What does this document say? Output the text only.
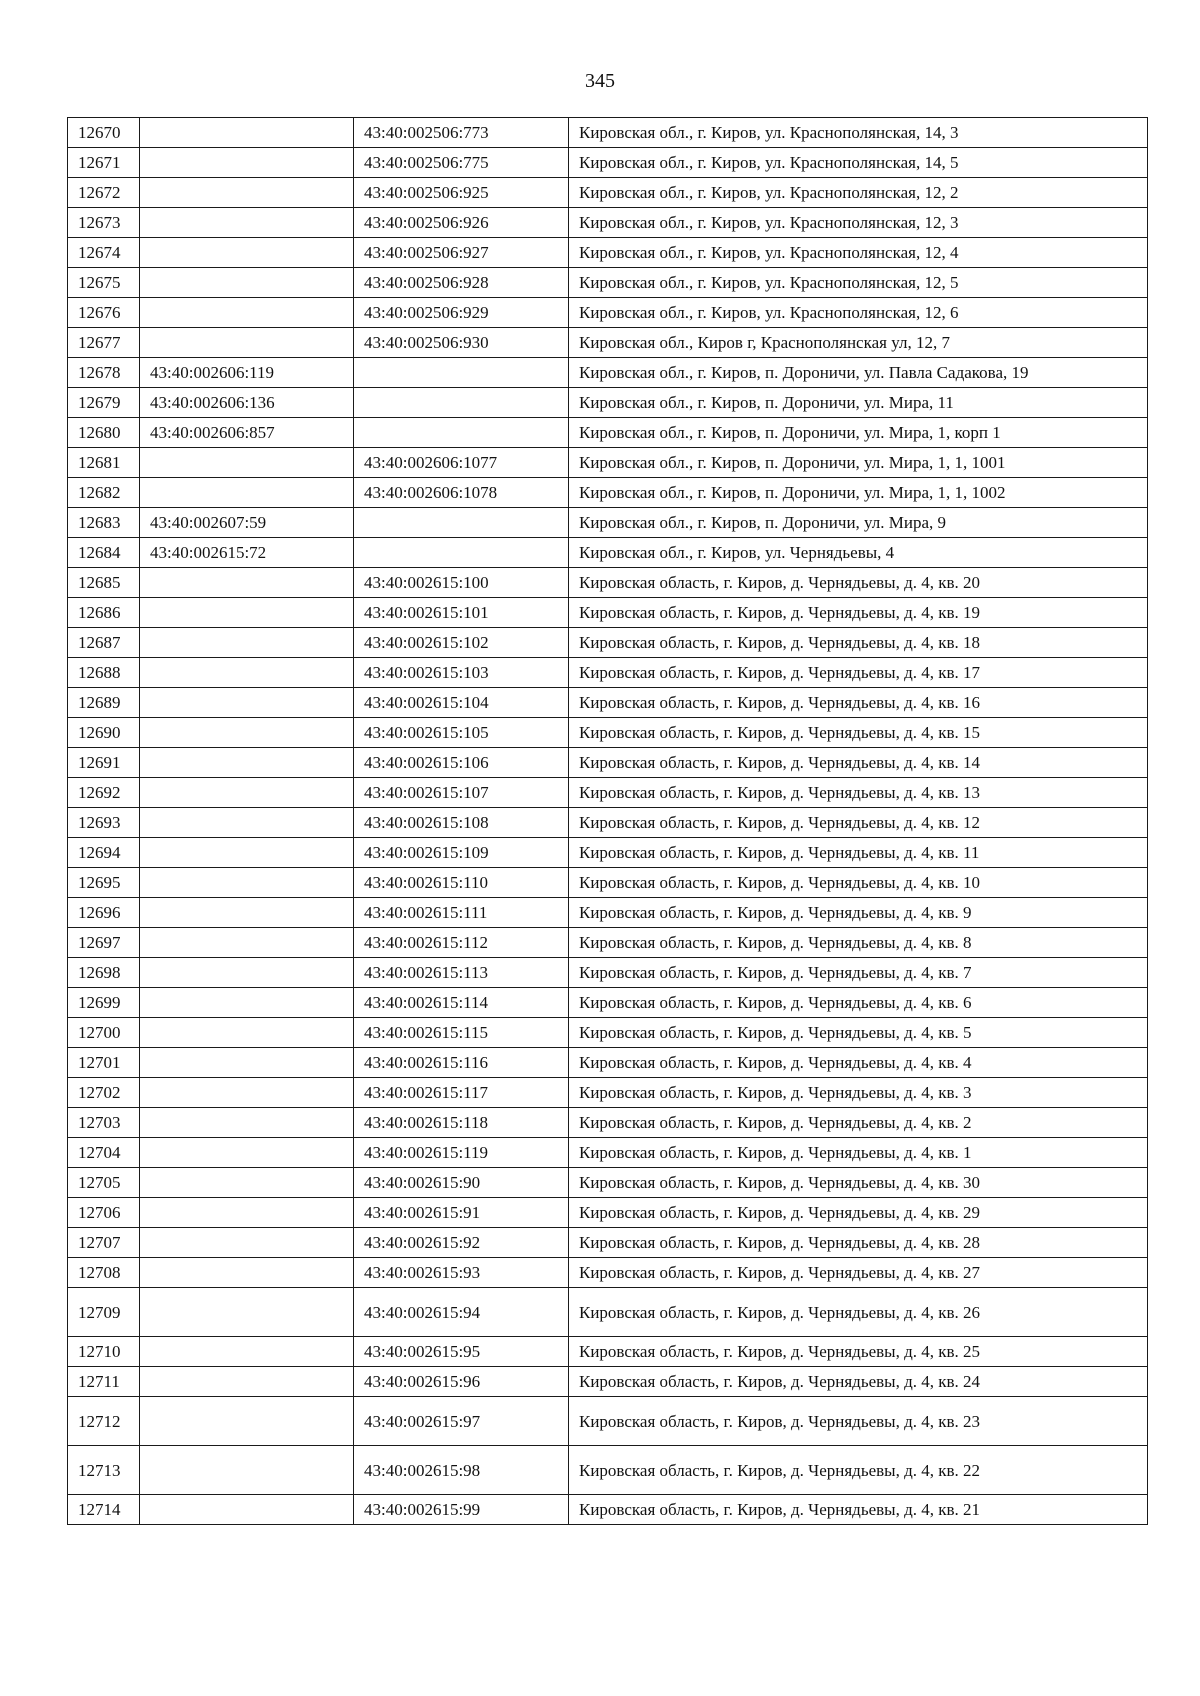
345
12670		43:40:002506:773	Кировская обл., г. Киров, ул. Краснополянская, 14, 3
12671		43:40:002506:775	Кировская обл., г. Киров, ул. Краснополянская, 14, 5
12672		43:40:002506:925	Кировская обл., г. Киров, ул. Краснополянская, 12, 2
12673		43:40:002506:926	Кировская обл., г. Киров, ул. Краснополянская, 12, 3
12674		43:40:002506:927	Кировская обл., г. Киров, ул. Краснополянская, 12, 4
12675		43:40:002506:928	Кировская обл., г. Киров, ул. Краснополянская, 12, 5
12676		43:40:002506:929	Кировская обл., г. Киров, ул. Краснополянская, 12, 6
12677		43:40:002506:930	Кировская обл., Киров г, Краснополянская ул, 12, 7
12678	43:40:002606:119		Кировская обл., г. Киров, п. Дороничи, ул. Павла Садакова, 19
12679	43:40:002606:136		Кировская обл., г. Киров, п. Дороничи, ул. Мира, 11
12680	43:40:002606:857		Кировская обл., г. Киров, п. Дороничи, ул. Мира, 1, корп 1
12681		43:40:002606:1077	Кировская обл., г. Киров, п. Дороничи, ул. Мира, 1, 1, 1001
12682		43:40:002606:1078	Кировская обл., г. Киров, п. Дороничи, ул. Мира, 1, 1, 1002
12683	43:40:002607:59		Кировская обл., г. Киров, п. Дороничи, ул. Мира, 9
12684	43:40:002615:72		Кировская обл., г. Киров, ул. Чернядьевы, 4
12685		43:40:002615:100	Кировская область, г. Киров, д. Чернядьевы, д. 4, кв. 20
12686		43:40:002615:101	Кировская область, г. Киров, д. Чернядьевы, д. 4, кв. 19
12687		43:40:002615:102	Кировская область, г. Киров, д. Чернядьевы, д. 4, кв. 18
12688		43:40:002615:103	Кировская область, г. Киров, д. Чернядьевы, д. 4, кв. 17
12689		43:40:002615:104	Кировская область, г. Киров, д. Чернядьевы, д. 4, кв. 16
12690		43:40:002615:105	Кировская область, г. Киров, д. Чернядьевы, д. 4, кв. 15
12691		43:40:002615:106	Кировская область, г. Киров, д. Чернядьевы, д. 4, кв. 14
12692		43:40:002615:107	Кировская область, г. Киров, д. Чернядьевы, д. 4, кв. 13
12693		43:40:002615:108	Кировская область, г. Киров, д. Чернядьевы, д. 4, кв. 12
12694		43:40:002615:109	Кировская область, г. Киров, д. Чернядьевы, д. 4, кв. 11
12695		43:40:002615:110	Кировская область, г. Киров, д. Чернядьевы, д. 4, кв. 10
12696		43:40:002615:111	Кировская область, г. Киров, д. Чернядьевы, д. 4, кв. 9
12697		43:40:002615:112	Кировская область, г. Киров, д. Чернядьевы, д. 4, кв. 8
12698		43:40:002615:113	Кировская область, г. Киров, д. Чернядьевы, д. 4, кв. 7
12699		43:40:002615:114	Кировская область, г. Киров, д. Чернядьевы, д. 4, кв. 6
12700		43:40:002615:115	Кировская область, г. Киров, д. Чернядьевы, д. 4, кв. 5
12701		43:40:002615:116	Кировская область, г. Киров, д. Чернядьевы, д. 4, кв. 4
12702		43:40:002615:117	Кировская область, г. Киров, д. Чернядьевы, д. 4, кв. 3
12703		43:40:002615:118	Кировская область, г. Киров, д. Чернядьевы, д. 4, кв. 2
12704		43:40:002615:119	Кировская область, г. Киров, д. Чернядьевы, д. 4, кв. 1
12705		43:40:002615:90	Кировская область, г. Киров, д. Чернядьевы, д. 4, кв. 30
12706		43:40:002615:91	Кировская область, г. Киров, д. Чернядьевы, д. 4, кв. 29
12707		43:40:002615:92	Кировская область, г. Киров, д. Чернядьевы, д. 4, кв. 28
12708		43:40:002615:93	Кировская область, г. Киров, д. Чернядьевы, д. 4, кв. 27
12709		43:40:002615:94	Кировская область, г. Киров, д. Чернядьевы, д. 4, кв. 26
12710		43:40:002615:95	Кировская область, г. Киров, д. Чернядьевы, д. 4, кв. 25
12711		43:40:002615:96	Кировская область, г. Киров, д. Чернядьевы, д. 4, кв. 24
12712		43:40:002615:97	Кировская область, г. Киров, д. Чернядьевы, д. 4, кв. 23
12713		43:40:002615:98	Кировская область, г. Киров, д. Чернядьевы, д. 4, кв. 22
12714		43:40:002615:99	Кировская область, г. Киров, д. Чернядьевы, д. 4, кв. 21
